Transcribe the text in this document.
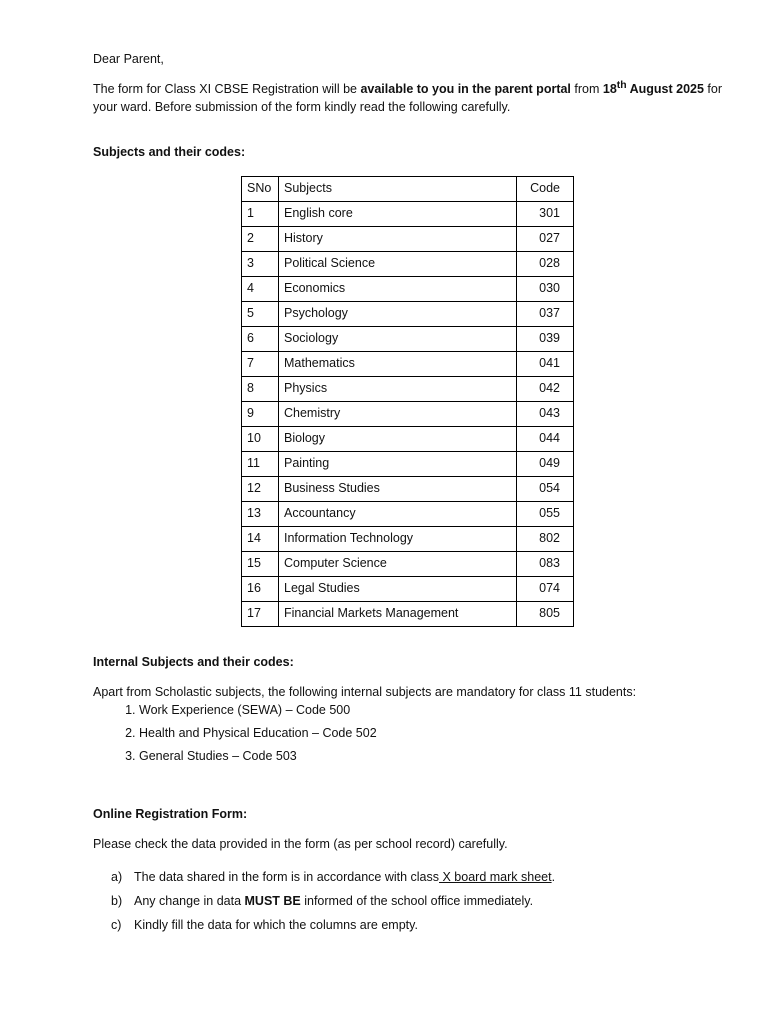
Dear Parent,

The form for Class XI CBSE Registration will be available to you in the parent portal from 18th August 2025 for your ward. Before submission of the form kindly read the following carefully.

Subjects and their codes:

SNo	Subjects	Code
1	English core	301
2	History	027
3	Political Science	028
4	Economics	030
5	Psychology	037
6	Sociology	039
7	Mathematics	041
8	Physics	042
9	Chemistry	043
10	Biology	044
11	Painting	049
12	Business Studies	054
13	Accountancy	055
14	Information Technology	802
15	Computer Science	083
16	Legal Studies	074
17	Financial Markets Management	805

Internal Subjects and their codes:

Apart from Scholastic subjects, the following internal subjects are mandatory for class 11 students:

1. Work Experience (SEWA) – Code 500
2. Health and Physical Education – Code 502
3. General Studies – Code 503

Online Registration Form:

Please check the data provided in the form (as per school record) carefully.

a) The data shared in the form is in accordance with class X board mark sheet.
b) Any change in data MUST BE informed of the school office immediately.
c)	Kindly fill the data for which the columns are empty.
